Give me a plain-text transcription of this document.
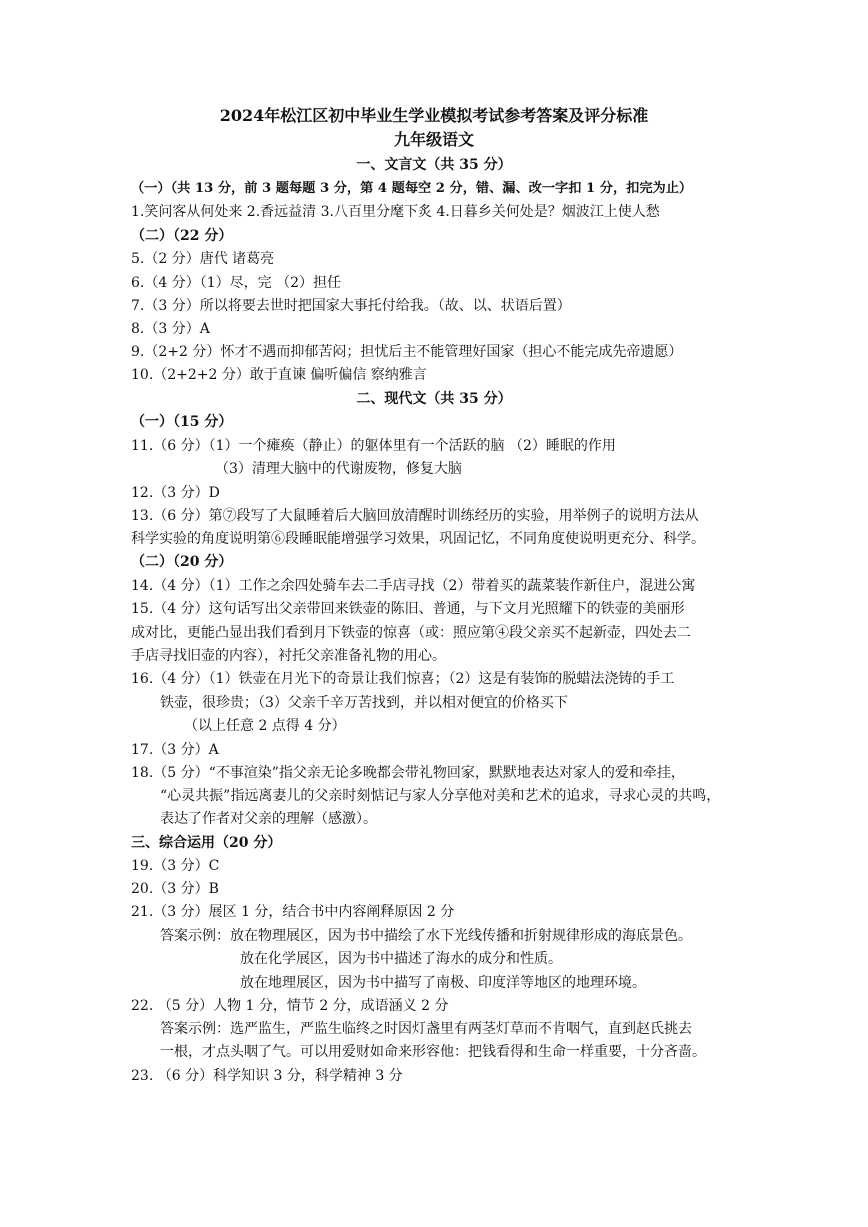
2024年松江区初中毕业生学业模拟考试参考答案及评分标准
九年级语文
一、文言文（共 35 分）
（一）（共 13 分，前 3 题每题 3 分，第 4 题每空 2 分，错、漏、改一字扣 1 分，扣完为止）
1.笑问客从何处来 2.香远益清 3.八百里分麾下炙 4.日暮乡关何处是？烟波江上使人愁
（二）（22 分）
5.（2 分）唐代 诸葛亮
6.（4 分）（1）尽，完 （2）担任
7.（3 分）所以将要去世时把国家大事托付给我。（故、以、状语后置）
8.（3 分）A
9.（2+2 分）怀才不遇而抑郁苦闷；担忧后主不能管理好国家（担心不能完成先帝遗愿）
10.（2+2+2 分）敢于直谏 偏听偏信 察纳雅言
二、现代文（共 35 分）
（一）（15 分）
11.（6 分）（1）一个瘫痪（静止）的躯体里有一个活跃的脑 （2）睡眠的作用
（3）清理大脑中的代谢废物，修复大脑
12.（3 分）D
13.（6 分）第⑦段写了大鼠睡着后大脑回放清醒时训练经历的实验，用举例子的说明方法从
科学实验的角度说明第⑥段睡眠能增强学习效果，巩固记忆，不同角度使说明更充分、科学。
（二）（20 分）
14.（4 分）（1）工作之余四处骑车去二手店寻找（2）带着买的蔬菜装作新住户，混进公寓
15.（4 分）这句话写出父亲带回来铁壶的陈旧、普通，与下文月光照耀下的铁壶的美丽形
成对比，更能凸显出我们看到月下铁壶的惊喜（或：照应第④段父亲买不起新壶，四处去二
手店寻找旧壶的内容），衬托父亲准备礼物的用心。
16.（4 分）（1）铁壶在月光下的奇景让我们惊喜；（2）这是有装饰的脱蜡法浇铸的手工
铁壶，很珍贵；（3）父亲千辛万苦找到，并以相对便宜的价格买下
（以上任意 2 点得 4 分）
17.（3 分）A
18.（5 分）“不事渲染”指父亲无论多晚都会带礼物回家，默默地表达对家人的爱和牵挂，
“心灵共振”指远离妻儿的父亲时刻惦记与家人分享他对美和艺术的追求，寻求心灵的共鸣，
表达了作者对父亲的理解（感激）。
三、综合运用（20 分）
19.（3 分）C
20.（3 分）B
21.（3 分）展区 1 分，结合书中内容阐释原因 2 分
答案示例：放在物理展区，因为书中描绘了水下光线传播和折射规律形成的海底景色。
放在化学展区，因为书中描述了海水的成分和性质。
放在地理展区，因为书中描写了南极、印度洋等地区的地理环境。
22. （5 分）人物 1 分，情节 2 分，成语涵义 2 分
答案示例：选严监生，严监生临终之时因灯盏里有两茎灯草而不肯咽气，直到赵氏挑去
一根，才点头咽了气。可以用爱财如命来形容他：把钱看得和生命一样重要，十分吝啬。
23. （6 分）科学知识 3 分，科学精神 3 分
